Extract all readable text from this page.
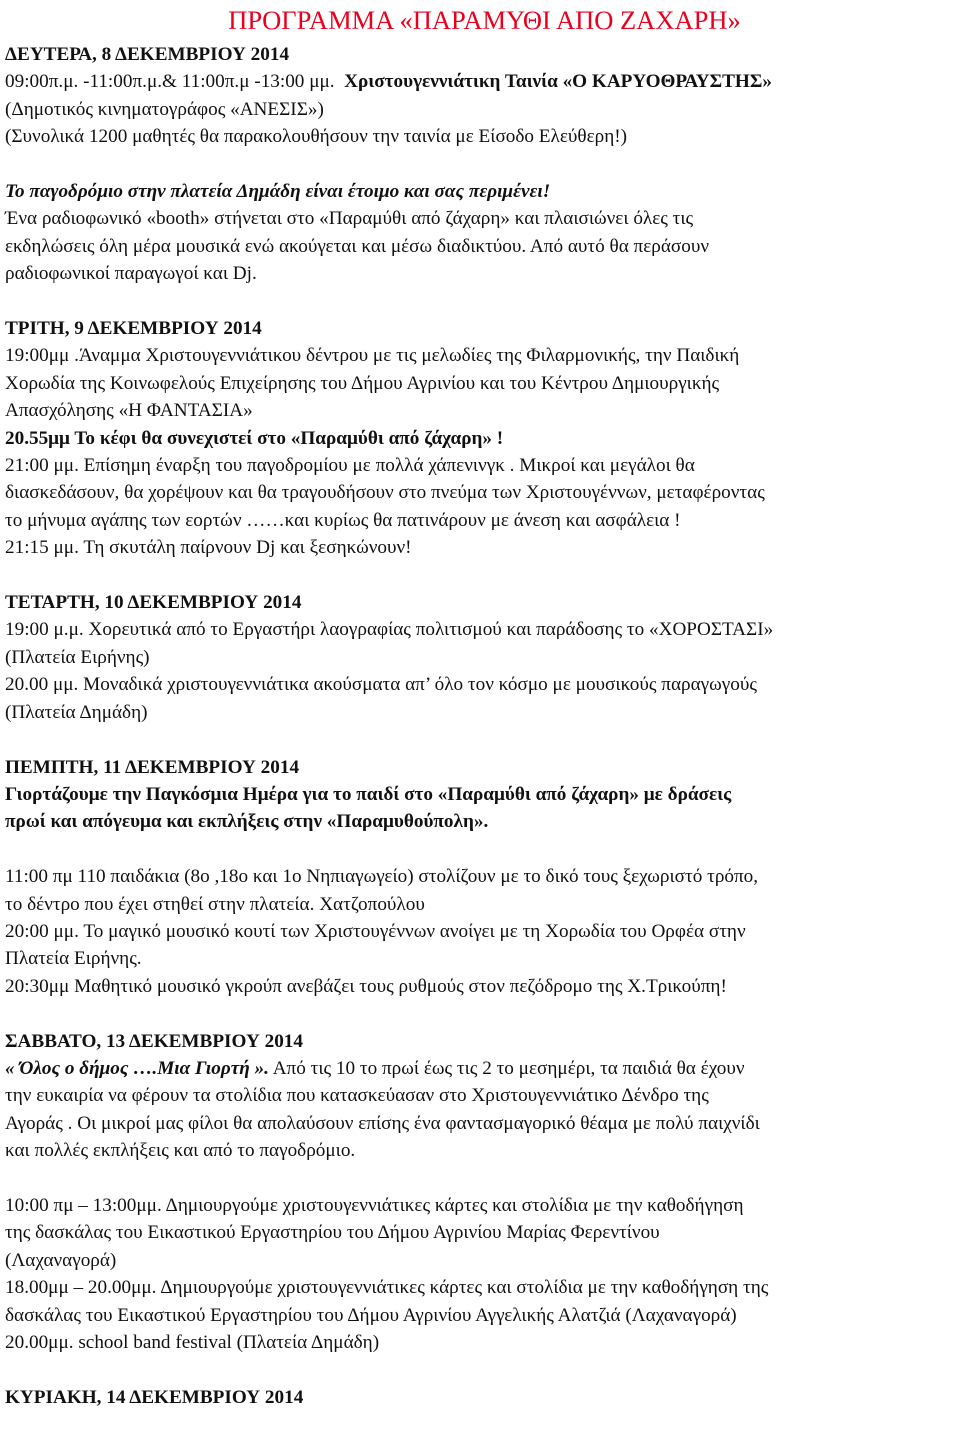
ΠΡΟΓΡΑΜΜΑ «ΠΑΡΑΜΥΘΙ ΑΠΟ ΖΑΧΑΡΗ»

ΔΕΥΤΕΡΑ, 8 ΔΕΚΕΜΒΡΙΟΥ 2014

09:00π.μ. -11:00π.μ.& 11:00π.μ -13:00 μμ. Χριστουγεννιάτικη Ταινία «Ο ΚΑΡΥΟΘΡΑΥΣΤΗΣ»

(Δημοτικός κινηματογράφος «ΑΝΕΣΙΣ»)

(Συνολικά 1200 μαθητές θα παρακολουθήσουν την ταινία με Είσοδο Ελεύθερη!)

Το παγοδρόμιο στην πλατεία Δημάδη είναι έτοιμο και σας περιμένει!

Ένα ραδιοφωνικό «booth» στήνεται στο «Παραμύθι από ζάχαρη» και πλαισιώνει όλες τις

εκδηλώσεις όλη μέρα μουσικά ενώ ακούγεται και μέσω διαδικτύου. Από αυτό θα περάσουν

ραδιοφωνικοί παραγωγοί και Dj.

ΤΡΙΤΗ, 9 ΔΕΚΕΜΒΡΙΟΥ 2014

19:00μμ .Άναμμα Χριστουγεννιάτικου δέντρου με τις μελωδίες της Φιλαρμονικής, την Παιδική

Χορωδία της Κοινωφελούς Επιχείρησης του Δήμου Αγρινίου και του Κέντρου Δημιουργικής

Απασχόλησης «Η ΦΑΝΤΑΣΙΑ»

20.55μμ Το κέφι θα συνεχιστεί στο «Παραμύθι από ζάχαρη» !

21:00 μμ. Επίσημη έναρξη του παγοδρομίου με πολλά χάπενινγκ . Μικροί και μεγάλοι θα

διασκεδάσουν, θα χορέψουν και θα τραγουδήσουν στο πνεύμα των Χριστουγέννων, μεταφέροντας

το μήνυμα αγάπης των εορτών ……και κυρίως θα πατινάρουν με άνεση και ασφάλεια !

21:15 μμ. Τη σκυτάλη παίρνουν Dj και ξεσηκώνουν!

ΤΕΤΑΡΤΗ, 10 ΔΕΚΕΜΒΡΙΟΥ 2014

19:00 μ.μ. Χορευτικά από το Εργαστήρι λαογραφίας πολιτισμού και παράδοσης το «ΧΟΡΟΣΤΑΣΙ»

(Πλατεία Ειρήνης)

20.00 μμ. Μοναδικά χριστουγεννιάτικα ακούσματα απ’ όλο τον κόσμο με μουσικούς παραγωγούς

(Πλατεία Δημάδη)

ΠΕΜΠΤΗ, 11 ΔΕΚΕΜΒΡΙΟΥ 2014

Γιορτάζουμε την Παγκόσμια Ημέρα για το παιδί στο «Παραμύθι από ζάχαρη» με δράσεις

πρωί και απόγευμα και εκπλήξεις στην «Παραμυθούπολη».

11:00 πμ 110 παιδάκια (8ο ,18ο και 1ο Νηπιαγωγείο) στολίζουν με το δικό τους ξεχωριστό τρόπο,

το δέντρο που έχει στηθεί στην πλατεία. Χατζοπούλου

20:00 μμ. Το μαγικό μουσικό κουτί των Χριστουγέννων ανοίγει με τη Χορωδία του Ορφέα στην

Πλατεία Ειρήνης.

20:30μμ Μαθητικό μουσικό γκρούπ ανεβάζει τους ρυθμούς στον πεζόδρομο της Χ.Τρικούπη!

ΣΑΒΒΑΤΟ, 13 ΔΕΚΕΜΒΡΙΟΥ 2014

« Όλος ο δήμος ….Μια Γιορτή ». Από τις 10 το πρωί έως τις 2 το μεσημέρι, τα παιδιά θα έχουν

την ευκαιρία να φέρουν τα στολίδια που κατασκεύασαν στο Χριστουγεννιάτικο Δένδρο της

Αγοράς . Οι μικροί μας φίλοι θα απολαύσουν επίσης ένα φαντασμαγορικό θέαμα με πολύ παιχνίδι

και πολλές εκπλήξεις και από το παγοδρόμιο.

10:00 πμ – 13:00μμ. Δημιουργούμε χριστουγεννιάτικες κάρτες και στολίδια με την καθοδήγηση

της δασκάλας του Εικαστικού Εργαστηρίου του Δήμου Αγρινίου Μαρίας Φερεντίνου

(Λαχαναγορά)

18.00μμ – 20.00μμ. Δημιουργούμε χριστουγεννιάτικες κάρτες και στολίδια με την καθοδήγηση της

δασκάλας του Εικαστικού Εργαστηρίου του Δήμου Αγρινίου Αγγελικής Αλατζιά (Λαχαναγορά)

20.00μμ. school band festival (Πλατεία Δημάδη)

ΚΥΡΙΑΚΗ, 14 ΔΕΚΕΜΒΡΙΟΥ 2014
